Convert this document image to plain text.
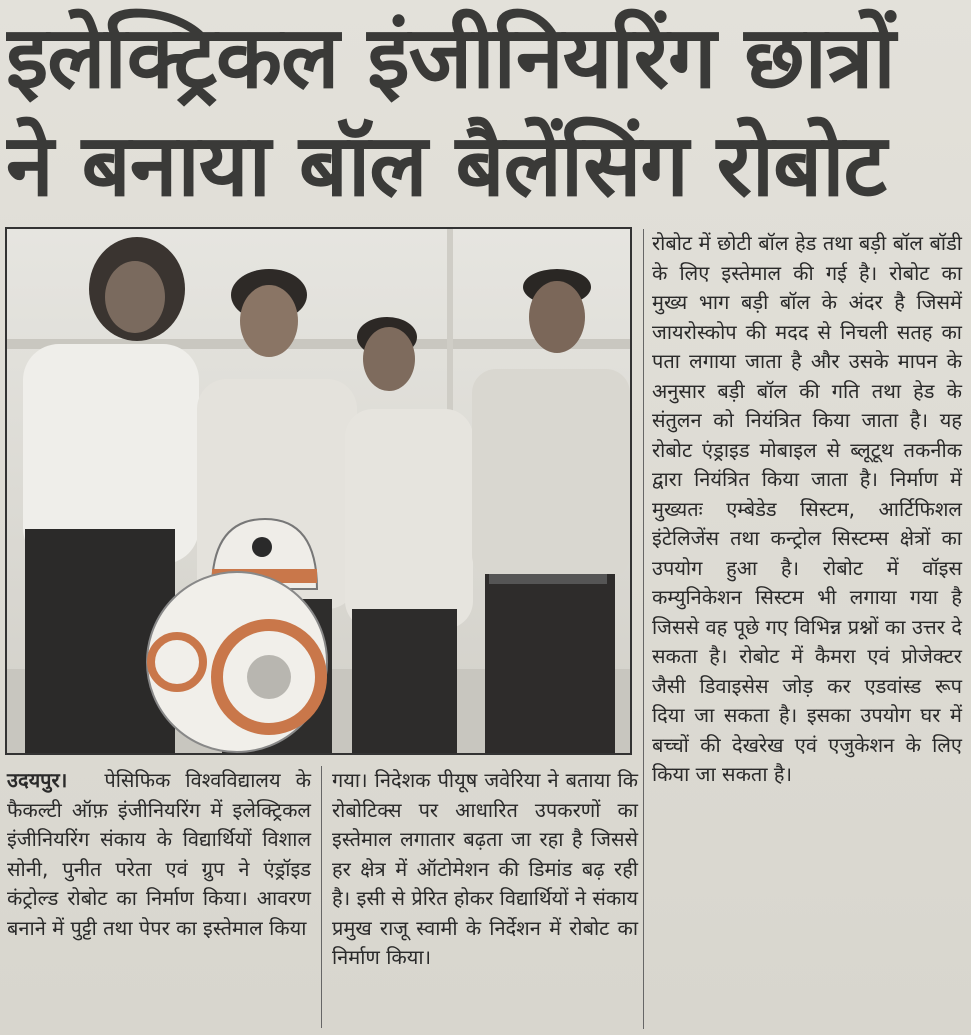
इलेक्ट्रिकल इंजीनियरिंग छात्रों
ने बनाया बॉल बैलेंसिंग रोबोट

रोबोट में छोटी बॉल हेड तथा बड़ी बॉल बॉडी के लिए इस्तेमाल की गई है। रोबोट का मुख्य भाग बड़ी बॉल के अंदर है जिसमें जायरोस्कोप की मदद से निचली सतह का पता लगाया जाता है और उसके मापन के अनुसार बड़ी बॉल की गति तथा हेड के संतुलन को नियंत्रित किया जाता है। यह रोबोट एंड्राइड मोबाइल से ब्लूटूथ तकनीक द्वारा नियंत्रित किया जाता है। निर्माण में मुख्यतः एम्बेडेड सिस्टम, आर्टिफिशल इंटेलिजेंस तथा कन्ट्रोल सिस्टम्स क्षेत्रों का उपयोग हुआ है। रोबोट में वॉइस कम्युनिकेशन सिस्टम भी लगाया गया है जिससे वह पूछे गए विभिन्न प्रश्नों का उत्तर दे सकता है। रोबोट में कैमरा एवं प्रोजेक्टर जैसी डिवाइसेस जोड़ कर एडवांस्ड रूप दिया जा सकता है। इसका उपयोग घर में बच्चों की देखरेख एवं एजुकेशन के लिए किया जा सकता है।

उदयपुर। पेसिफिक विश्वविद्यालय के फैकल्टी ऑफ़ इंजीनियरिंग में इलेक्ट्रिकल इंजीनियरिंग संकाय के विद्यार्थियों विशाल सोनी, पुनीत परेता एवं ग्रुप ने एंड्रॉइड कंट्रोल्ड रोबोट का निर्माण किया। आवरण बनाने में पुट्टी तथा पेपर का इस्तेमाल किया

गया। निदेशक पीयूष जवेरिया ने बताया कि रोबोटिक्स पर आधारित उपकरणों का इस्तेमाल लगातार बढ़ता जा रहा है जिससे हर क्षेत्र में ऑटोमेशन की डिमांड बढ़ रही है। इसी से प्रेरित होकर विद्यार्थियों ने संकाय प्रमुख राजू स्वामी के निर्देशन में रोबोट का निर्माण किया।
